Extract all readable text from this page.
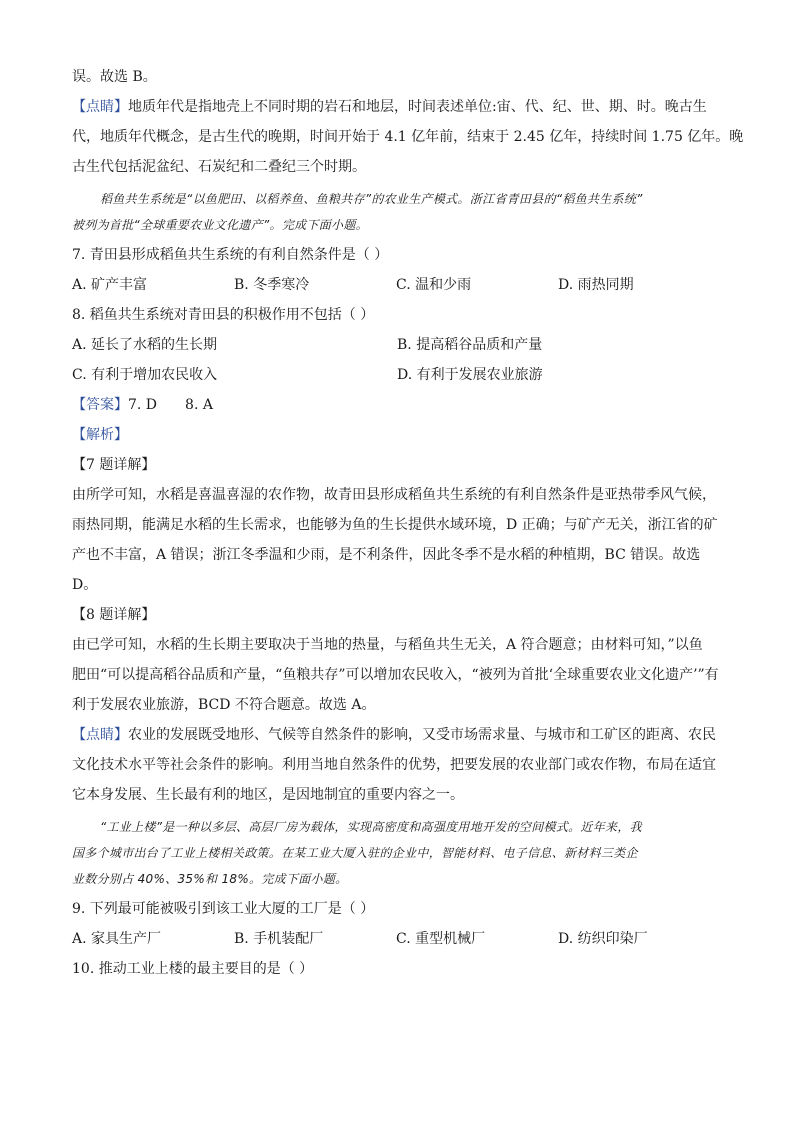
误。故选 B。
【点睛】地质年代是指地壳上不同时期的岩石和地层，时间表述单位:宙、代、纪、世、期、时。晚古生
代，地质年代概念，是古生代的晚期，时间开始于 4.1 亿年前，结束于 2.45 亿年，持续时间 1.75 亿年。晚
古生代包括泥盆纪、石炭纪和二叠纪三个时期。
稻鱼共生系统是“以鱼肥田、以稻养鱼、鱼粮共存”的农业生产模式。浙江省青田县的“稻鱼共生系统”
被列为首批“全球重要农业文化遗产”。完成下面小题。
7. 青田县形成稻鱼共生系统的有利自然条件是（ ）
A. 矿产丰富	B. 冬季寒冷	C. 温和少雨	D. 雨热同期
8. 稻鱼共生系统对青田县的积极作用不包括（ ）
A. 延长了水稻的生长期	B. 提高稻谷品质和产量
C. 有利于增加农民收入	D. 有利于发展农业旅游
【答案】7. D 8. A
【解析】
【7 题详解】
由所学可知，水稻是喜温喜湿的农作物，故青田县形成稻鱼共生系统的有利自然条件是亚热带季风气候，
雨热同期，能满足水稻的生长需求，也能够为鱼的生长提供水域环境，D 正确；与矿产无关，浙江省的矿
产也不丰富，A 错误；浙江冬季温和少雨，是不利条件，因此冬季不是水稻的种植期，BC 错误。故选
D。
【8 题详解】
由已学可知，水稻的生长期主要取决于当地的热量，与稻鱼共生无关，A 符合题意；由材料可知，”以鱼
肥田“可以提高稻谷品质和产量，“鱼粮共存”可以增加农民收入，“被列为首批‘全球重要农业文化遗产’”有
利于发展农业旅游，BCD 不符合题意。故选 A。
【点睛】农业的发展既受地形、气候等自然条件的影响，又受市场需求量、与城市和工矿区的距离、农民
文化技术水平等社会条件的影响。利用当地自然条件的优势，把要发展的农业部门或农作物，布局在适宜
它本身发展、生长最有利的地区，是因地制宜的重要内容之一。
“工业上楼”是一种以多层、高层厂房为载体，实现高密度和高强度用地开发的空间模式。近年来，我
国多个城市出台了工业上楼相关政策。在某工业大厦入驻的企业中，智能材料、电子信息、新材料三类企
业数分别占 40%、35%和 18%。完成下面小题。
9. 下列最可能被吸引到该工业大厦的工厂是（ ）
A. 家具生产厂	B. 手机装配厂	C. 重型机械厂	D. 纺织印染厂
10. 推动工业上楼的最主要目的是（ ）
